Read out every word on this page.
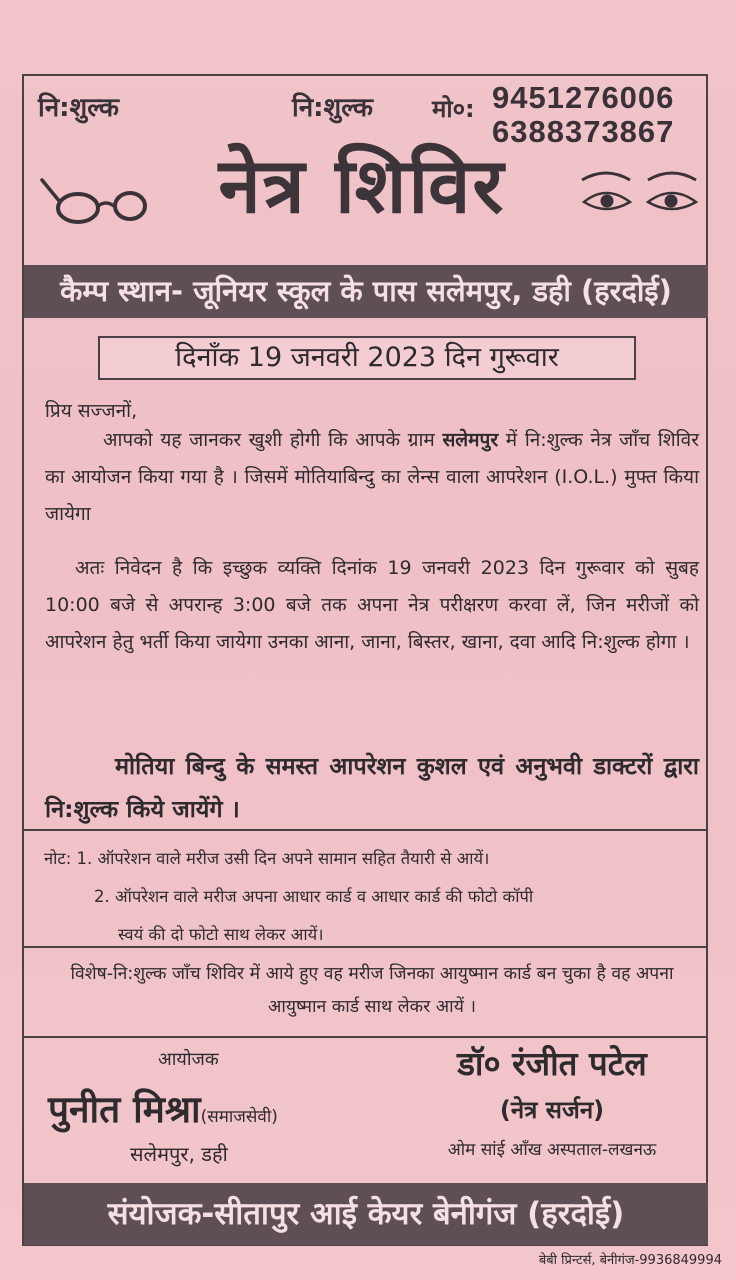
नि:शुल्क	नि:शुल्क मो०: 9451276006
6388373867
नेत्र शिविर
कैम्प स्थान- जूनियर स्कूल के पास सलेमपुर, डही (हरदोई)
दिनाँक 19 जनवरी 2023 दिन गुरूवार
प्रिय सज्जनों,

आपको यह जानकर खुशी होगी कि आपके ग्राम सलेमपुर में नि:शुल्क नेत्र जाँच शिविर का आयोजन किया गया है । जिसमें मोतियाबिन्दु का लेन्स वाला आपरेशन (I.O.L.) मुफ्त किया जायेगा

अतः निवेदन है कि इच्छुक व्यक्ति दिनांक 19 जनवरी 2023 दिन गुरूवार को सुबह 10:00 बजे से अपरान्ह 3:00 बजे तक अपना नेत्र परीक्षरण करवा लें, जिन मरीजों को आपरेशन हेतु भर्ती किया जायेगा उनका आना, जाना, बिस्तर, खाना, दवा आदि नि:शुल्क होगा ।

मोतिया बिन्दु के समस्त आपरेशन कुशल एवं अनुभवी डाक्टरों द्वारा नि:शुल्क किये जायेंगे ।

नोट: 1. ऑपरेशन वाले मरीज उसी दिन अपने सामान सहित तैयारी से आयें।
2. ऑपरेशन वाले मरीज अपना आधार कार्ड व आधार कार्ड की फोटो कॉपी
स्वयं की दो फोटो साथ लेकर आयें।

विशेष-नि:शुल्क जाँच शिविर में आये हुए वह मरीज जिनका आयुष्मान कार्ड बन चुका है वह अपना आयुष्मान कार्ड साथ लेकर आयें ।

आयोजक
पुनीत मिश्रा(समाजसेवी)
सलेमपुर, डही
डॉ० रंजीत पटेल
(नेत्र सर्जन)
ओम सांई आँख अस्पताल-लखनऊ
संयोजक-सीतापुर आई केयर बेनीगंज (हरदोई)
बेबी प्रिन्टर्स, बेनीगंज-9936849994
